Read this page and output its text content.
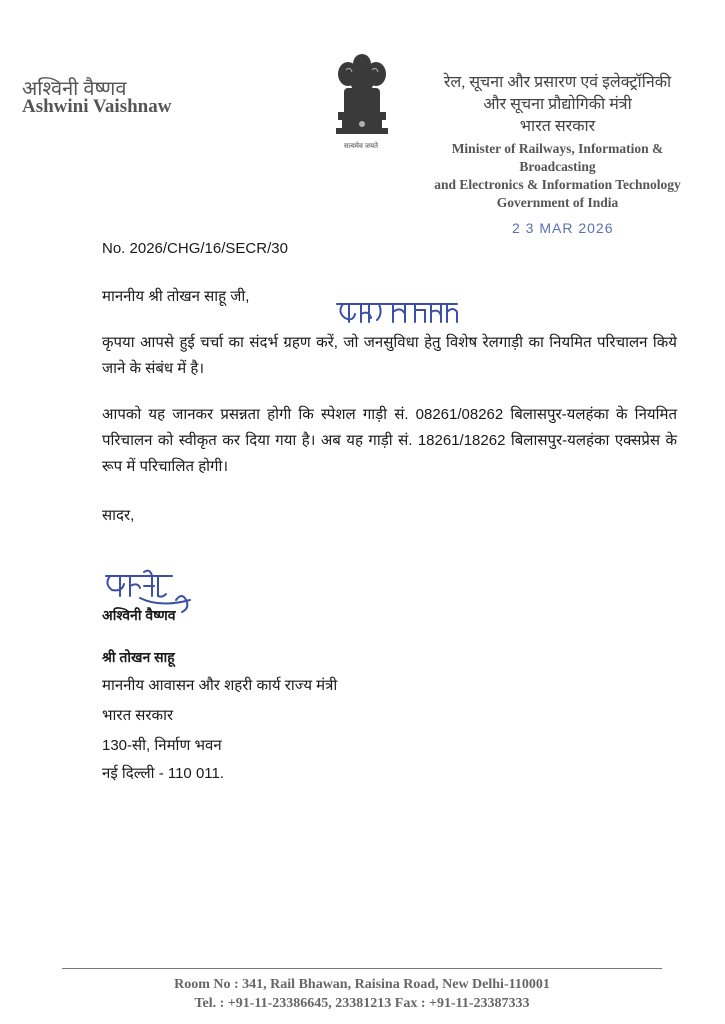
अश्विनी वैष्णव
Ashwini Vaishnaw
सत्यमेव जयते
रेल, सूचना और प्रसारण एवं इलेक्ट्रॉनिकी
और सूचना प्रौद्योगिकी मंत्री
भारत सरकार
Minister of Railways, Information & Broadcasting
and Electronics & Information Technology
Government of India
2 3 MAR 2026
No. 2026/CHG/16/SECR/30
माननीय श्री तोखन साहू जी,
कृपया आपसे हुई चर्चा का संदर्भ ग्रहण करें, जो जनसुविधा हेतु विशेष रेलगाड़ी का नियमित परिचालन किये जाने के संबंध में है।
आपको यह जानकर प्रसन्नता होगी कि स्पेशल गाड़ी सं. 08261/08262 बिलासपुर-यलहंका के नियमित परिचालन को स्वीकृत कर दिया गया है। अब यह गाड़ी सं. 18261/18262 बिलासपुर-यलहंका एक्सप्रेस के रूप में परिचालित होगी।
सादर,
अश्विनी वैष्णव
श्री तोखन साहू
माननीय आवासन और शहरी कार्य राज्य मंत्री
भारत सरकार
130-सी, निर्माण भवन
नई दिल्ली - 110 011.
Room No : 341, Rail Bhawan, Raisina Road, New Delhi-110001
Tel. : +91-11-23386645, 23381213 Fax : +91-11-23387333
